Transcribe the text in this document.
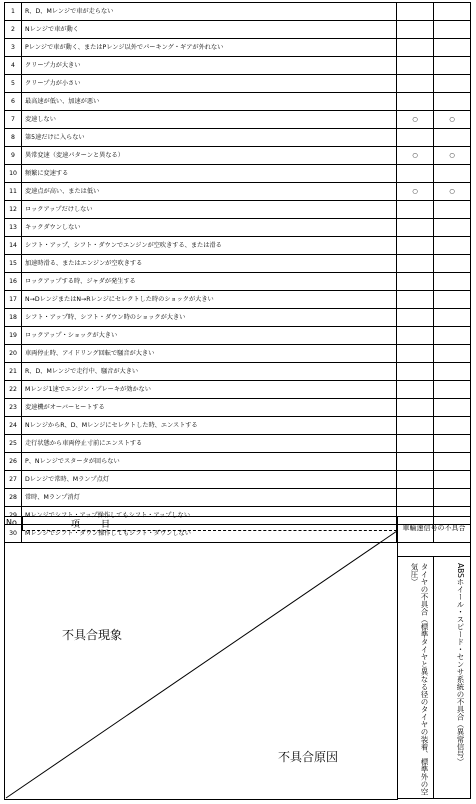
1	R、D、Mレンジで車が走らない		
2	Nレンジで車が動く		
3	Pレンジで車が動く、またはPレンジ以外でパーキング・ギアが外れない		
4	クリープ力が大きい		
5	クリープ力が小さい		
6	最高速が低い、加速が悪い		
7	変速しない	○	○
8	第5速だけに入らない		
9	異常変速（変速パターンと異なる）	○	○
10	頻繁に変速する		
11	変速点が高い、または低い	○	○
12	ロックアップだけしない		
13	キックダウンしない		
14	シフト・アップ、シフト・ダウンでエンジンが空吹きする、または滑る		
15	加速時滑る、またはエンジンが空吹きする		
16	ロックアップする時、ジャダが発生する		
17	N→DレンジまたはN→Rレンジにセレクトした時のショックが大きい		
18	シフト・アップ時、シフト・ダウン時のショックが大きい		
19	ロックアップ・ショックが大きい		
20	車両停止時、アイドリング回転で騒音が大きい		
21	R、D、Mレンジで走行中、騒音が大きい		
22	Mレンジ1速でエンジン・ブレーキが効かない		
23	変速機がオーバーヒートする		
24	NレンジからR、D、Mレンジにセレクトした時、エンストする		
25	走行状態から車両停止寸前にエンストする		
26	P、Nレンジでスタータが回らない		
27	Dレンジで常時、Mランプ点灯		
28	常時、Mランプ消灯		
29	Mレンジでシフト・アップ操作してもシフト・アップしない		
30	Mレンジでシフト・ダウン操作してもシフト・ダウンしない		
No.	項　　目
不具合現象
不具合原因
車輪速信号の不具合
タイヤの不具合（標準タイヤと異なる径のタイヤの装着、標準外の空気圧）	ABSホイール・スピード・センサ系統の不具合（異常信号）
